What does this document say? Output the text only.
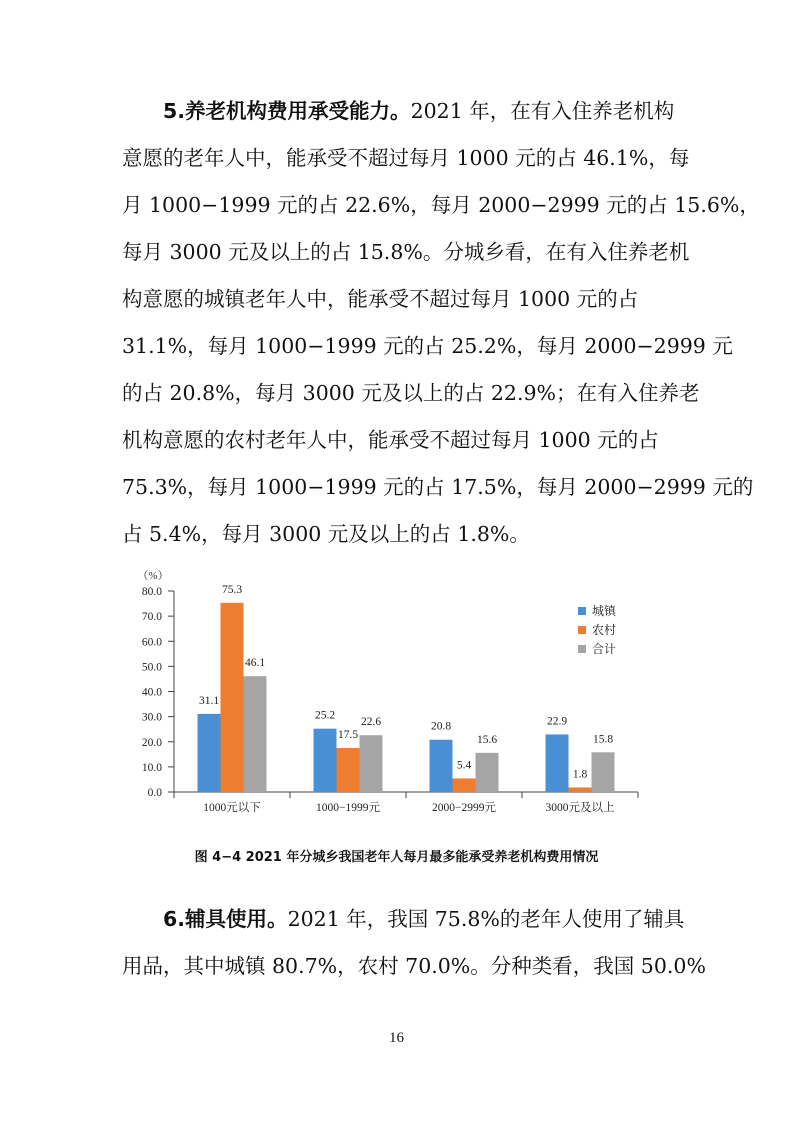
5.养老机构费用承受能力。2021 年，在有入住养老机构
意愿的老年人中，能承受不超过每月 1000 元的占 46.1%，每
月 1000−1999 元的占 22.6%，每月 2000−2999 元的占 15.6%，
每月 3000 元及以上的占 15.8%。分城乡看，在有入住养老机
构意愿的城镇老年人中，能承受不超过每月 1000 元的占
31.1%，每月 1000−1999 元的占 25.2%，每月 2000−2999 元
的占 20.8%，每月 3000 元及以上的占 22.9%；在有入住养老
机构意愿的农村老年人中，能承受不超过每月 1000 元的占
75.3%，每月 1000−1999 元的占 17.5%，每月 2000−2999 元的
占 5.4%，每月 3000 元及以上的占 1.8%。
（%）
0.0
10.0
20.0
30.0
40.0
50.0
60.0
70.0
80.0
1000元以下
31.1
75.3
46.1
1000−1999元
25.2
17.5
22.6
2000−2999元
20.8
5.4
15.6
3000元及以上
22.9
1.8
15.8
城镇
农村
合计
图 4−4 2021 年分城乡我国老年人每月最多能承受养老机构费用情况
6.辅具使用。2021 年，我国 75.8%的老年人使用了辅具
用品，其中城镇 80.7%，农村 70.0%。分种类看，我国 50.0%
16
